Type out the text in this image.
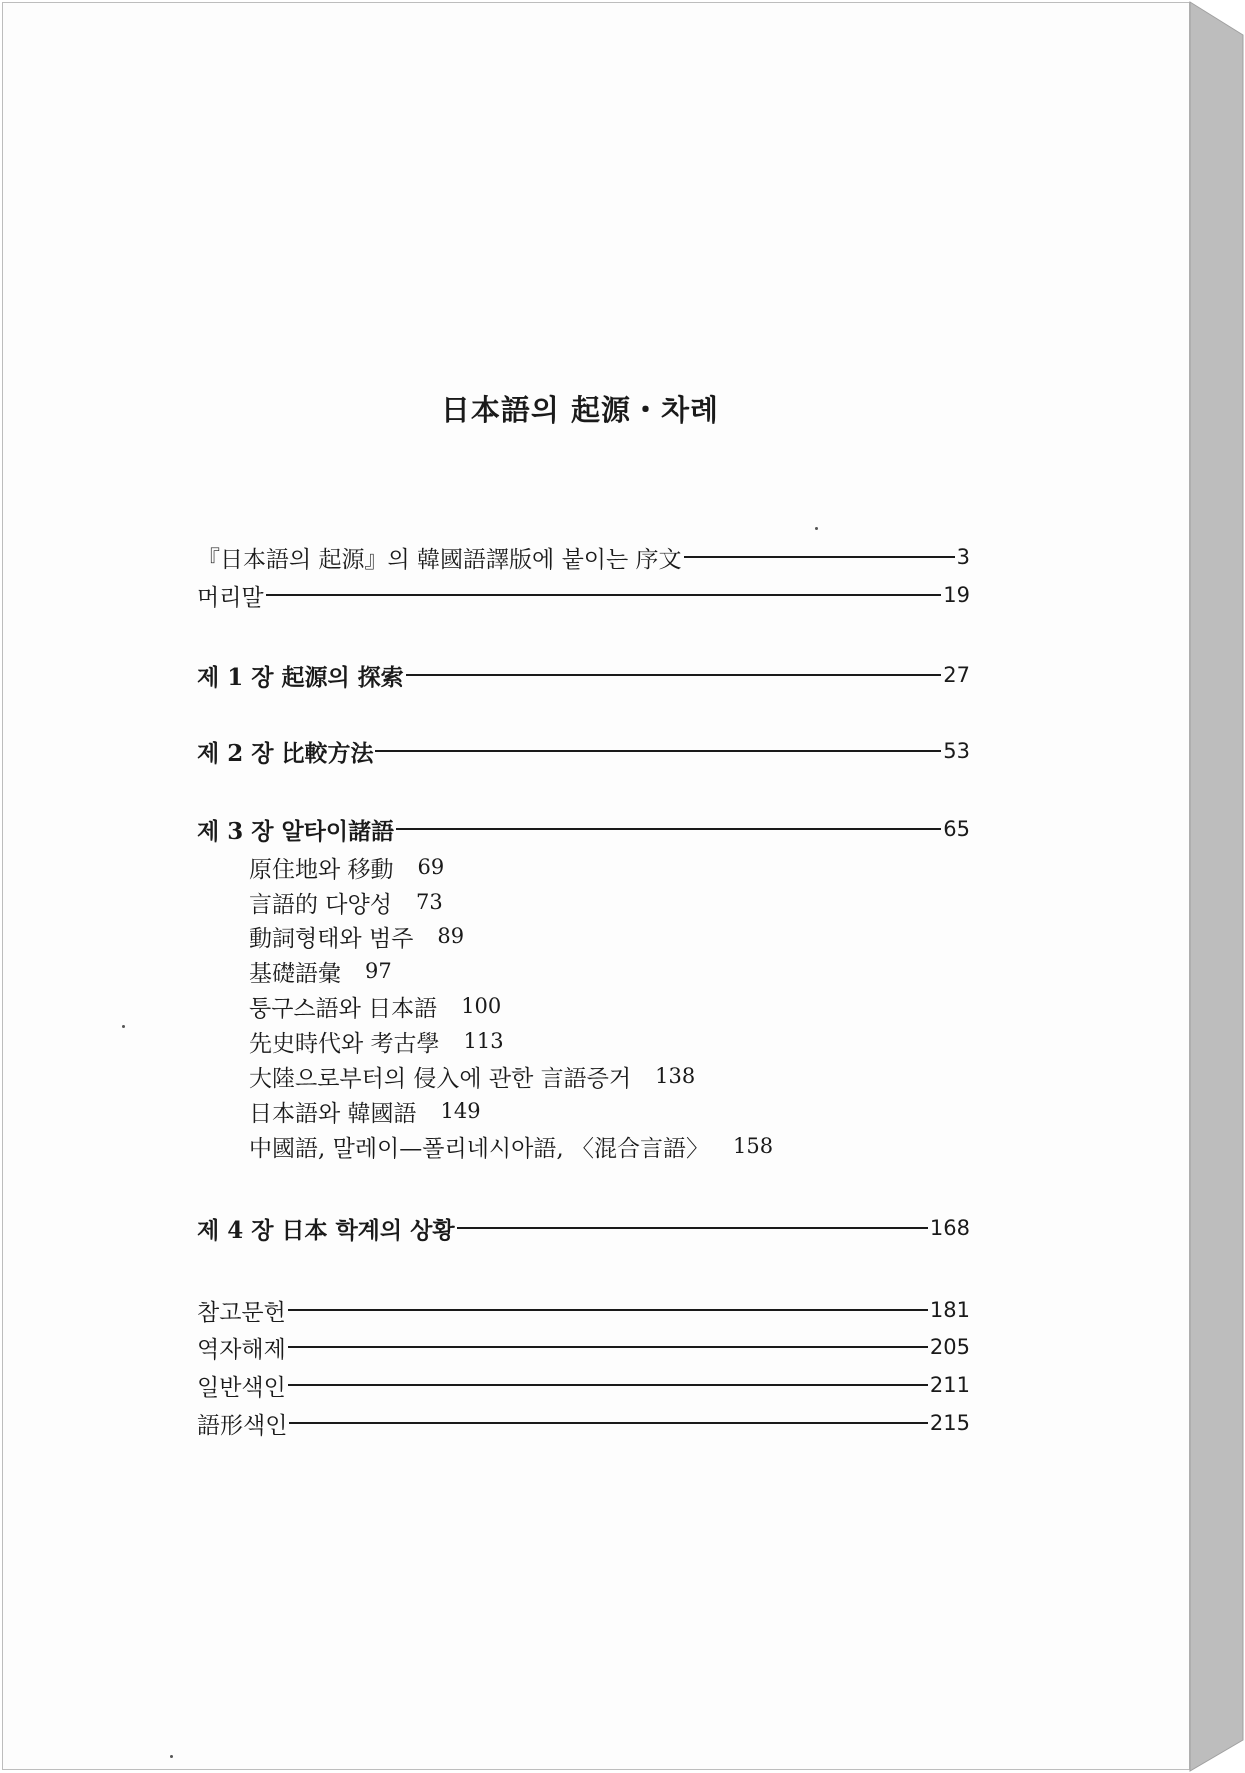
日本語의 起源・차례
『日本語의 起源』의 韓國語譯版에 붙이는 序文	3
머리말	19
제 1 장 起源의 探索	27
제 2 장 比較方法	53
제 3 장 알타이諸語	65
原住地와 移動 69
言語的 다양성 73
動詞형태와 범주 89
基礎語彙 97
퉁구스語와 日本語 100
先史時代와 考古學 113
大陸으로부터의 侵入에 관한 言語증거 138
日本語와 韓國語 149
中國語, 말레이—폴리네시아語, 〈混合言語〉 158
제 4 장 日本 학계의 상황	168
참고문헌	181
역자해제	205
일반색인	211
語形색인	215
